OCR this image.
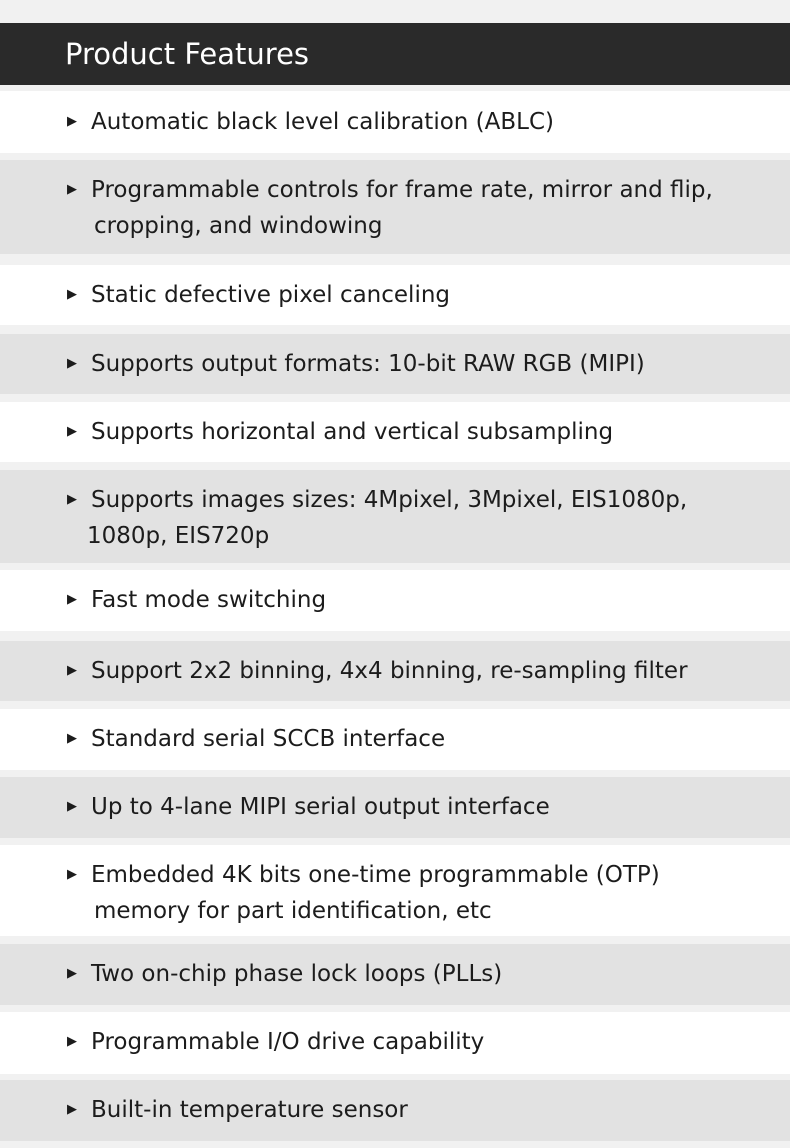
Product Features
▶ Automatic black level calibration (ABLC)
▶ Programmable controls for frame rate, mirror and flip,
cropping, and windowing
▶ Static defective pixel canceling
▶ Supports output formats: 10-bit RAW RGB (MIPI)
▶ Supports horizontal and vertical subsampling
▶ Supports images sizes: 4Mpixel, 3Mpixel, EIS1080p,
1080p, EIS720p
▶ Fast mode switching
▶ Support 2x2 binning, 4x4 binning, re-sampling filter
▶ Standard serial SCCB interface
▶ Up to 4-lane MIPI serial output interface
▶ Embedded 4K bits one-time programmable (OTP)
memory for part identification, etc
▶ Two on-chip phase lock loops (PLLs)
▶ Programmable I/O drive capability
▶ Built-in temperature sensor
